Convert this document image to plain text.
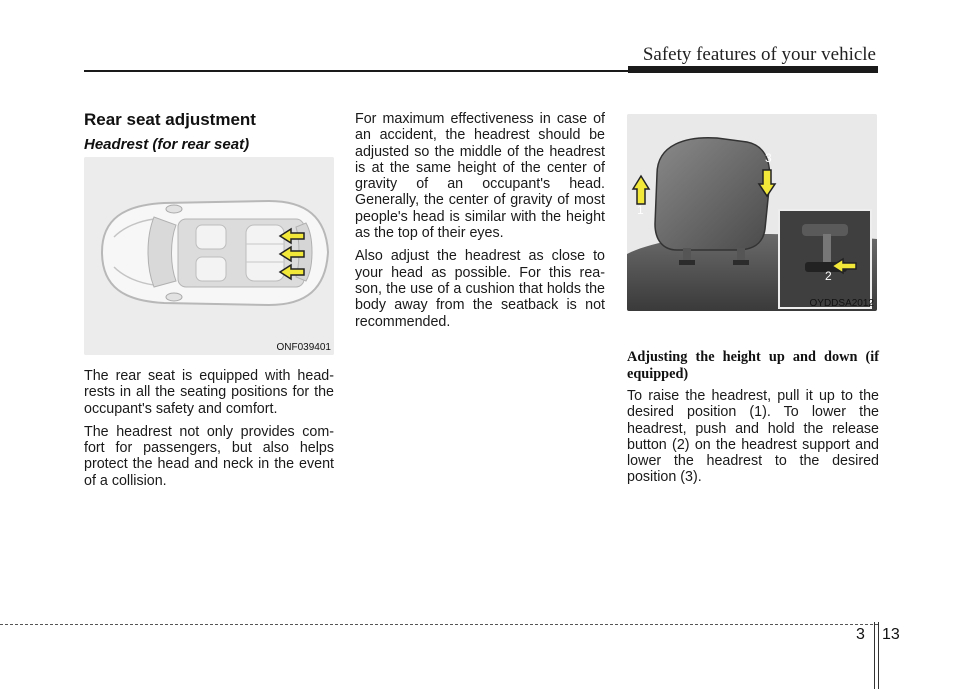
Safety features of your vehicle
Rear seat adjustment
Headrest (for rear seat)
ONF039401

The rear seat is equipped with head-rests in all the seating positions for the occupant's safety and comfort.

The headrest not only provides com-fort for passengers, but also helps protect the head and neck in the event of a collision.

For maximum effectiveness in case of an accident, the headrest should be adjusted so the middle of the headrest is at the same height of the center of gravity of an occupant's head. Generally, the center of gravity of most people's head is similar with the height as the top of their eyes.

Also adjust the headrest as close to your head as possible. For this rea-son, the use of a cushion that holds the body away from the seatback is not recommended.

1
3
2
OYDDSA2012

Adjusting the height up and down (if equipped)

To raise the headrest, pull it up to the desired position (1). To lower the headrest, push and hold the release button (2) on the headrest support and lower the headrest to the desired position (3).

3 13
